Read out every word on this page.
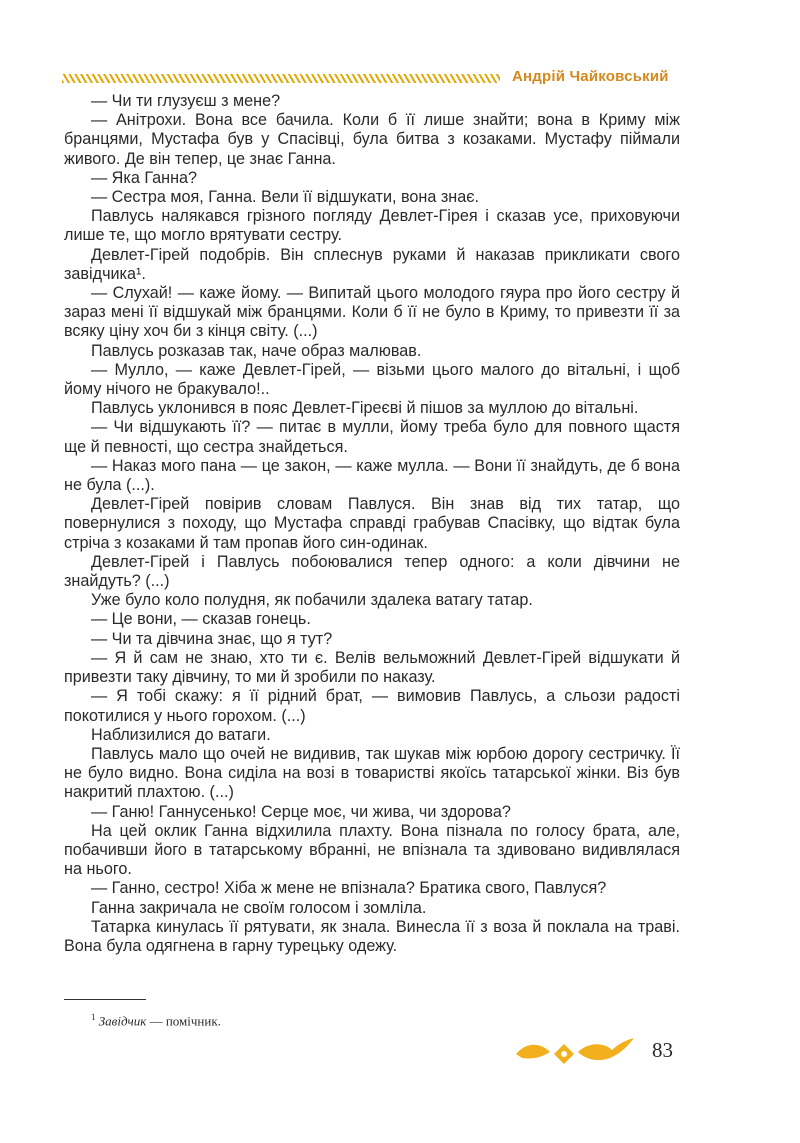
Андрій Чайковський

— Чи ти глузуєш з мене?

— Анітрохи. Вона все бачила. Коли б її лише знайти; вона в Криму між бранцями, Мустафа був у Спасівці, була битва з козаками. Мустафу піймали живого. Де він тепер, це знає Ганна.

— Яка Ганна?

— Сестра моя, Ганна. Вели її відшукати, вона знає.

Павлусь налякався грізного погляду Девлет-Гірея і сказав усе, приховуючи лише те, що могло врятувати сестру.

Девлет-Гірей подобрів. Він сплеснув руками й наказав прикликати свого завідчика¹.

— Слухай! — каже йому. — Випитай цього молодого гяура про його сестру й зараз мені її відшукай між бранцями. Коли б її не було в Криму, то привезти її за всяку ціну хоч би з кінця світу. (...)

Павлусь розказав так, наче образ малював.

— Мулло, — каже Девлет-Гірей, — візьми цього малого до вітальні, і щоб йому нічого не бракувало!..

Павлусь уклонився в пояс Девлет-Гіреєві й пішов за муллою до вітальні.

— Чи відшукають її? — питає в мулли, йому треба було для повного щастя ще й певності, що сестра знайдеться.

— Наказ мого пана — це закон, — каже мулла. — Вони її знайдуть, де б вона не була (...).

Девлет-Гірей повірив словам Павлуся. Він знав від тих татар, що повернулися з походу, що Мустафа справді грабував Спасівку, що відтак була стріча з козаками й там пропав його син-одинак.

Девлет-Гірей і Павлусь побоювалися тепер одного: а коли дівчини не знайдуть? (...)

Уже було коло полудня, як побачили здалека ватагу татар.

— Це вони, — сказав гонець.

— Чи та дівчина знає, що я тут?

— Я й сам не знаю, хто ти є. Велів вельможний Девлет-Гірей відшукати й привезти таку дівчину, то ми й зробили по наказу.

— Я тобі скажу: я її рідний брат, — вимовив Павлусь, а сльози радості покотилися у нього горохом. (...)

Наблизилися до ватаги.

Павлусь мало що очей не видивив, так шукав між юрбою дорогу сестричку. Її не було видно. Вона сиділа на возі в товаристві якоїсь татарської жінки. Віз був накритий плахтою. (...)

— Ганю! Ганнусенько! Серце моє, чи жива, чи здорова?

На цей оклик Ганна відхилила плахту. Вона пізнала по голосу брата, але, побачивши його в татарському вбранні, не впізнала та здивовано видивлялася на нього.

— Ганно, сестро! Хіба ж мене не впізнала? Братика свого, Павлуся?

Ганна закричала не своїм голосом і зомліла.

Татарка кинулась її рятувати, як знала. Винесла її з воза й поклала на траві. Вона була одягнена в гарну турецьку одежу.

$^1$ Завідчик — помічник.
83
